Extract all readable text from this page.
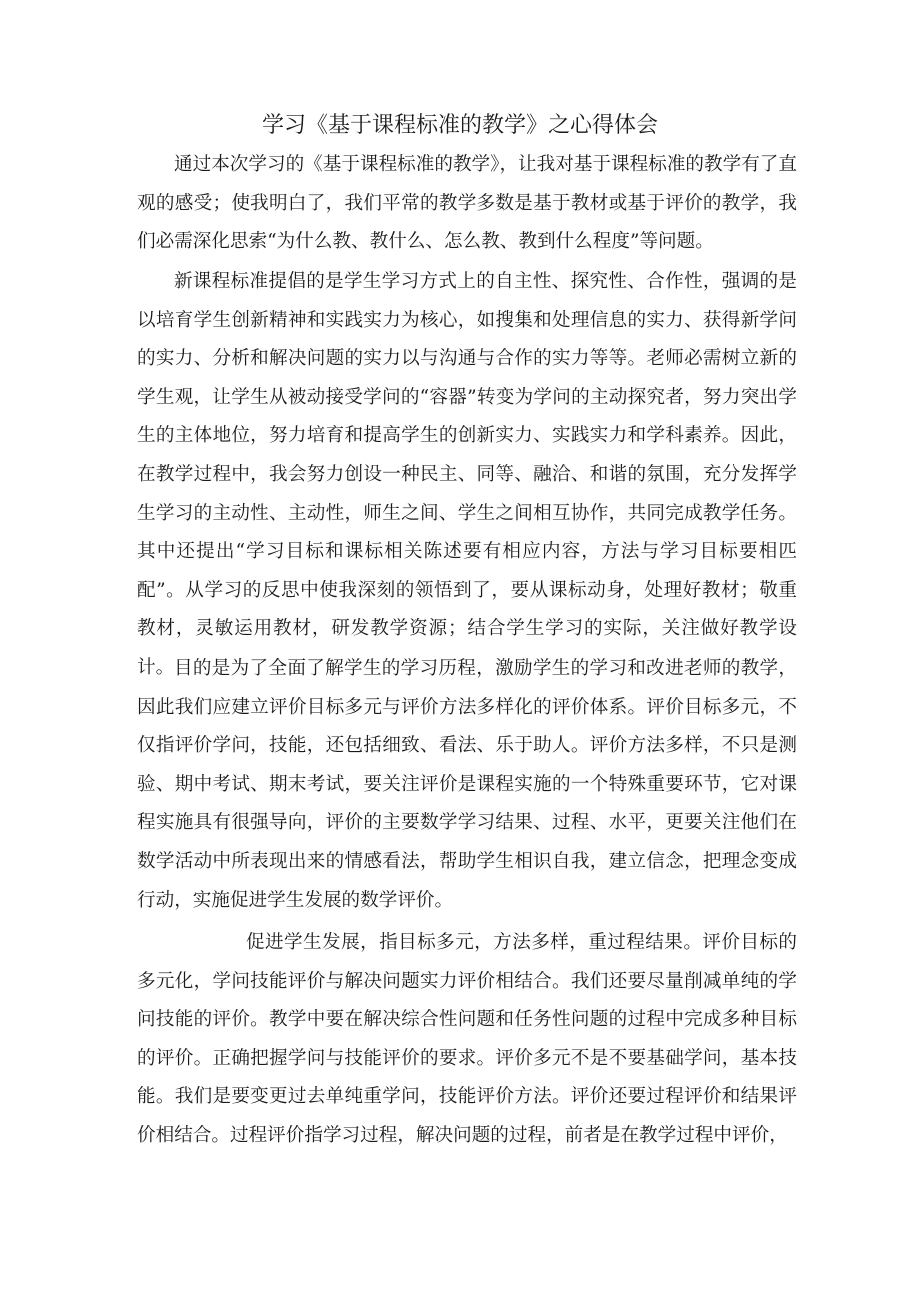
学习《基于课程标准的教学》之心得体会

通过本次学习的《基于课程标准的教学》，让我对基于课程标准的教学有了直观的感受；使我明白了，我们平常的教学多数是基于教材或基于评价的教学，我们必需深化思索“为什么教、教什么、怎么教、教到什么程度”等问题。

新课程标准提倡的是学生学习方式上的自主性、探究性、合作性，强调的是以培育学生创新精神和实践实力为核心，如搜集和处理信息的实力、获得新学问的实力、分析和解决问题的实力以与沟通与合作的实力等等。老师必需树立新的学生观，让学生从被动接受学问的“容器”转变为学问的主动探究者，努力突出学生的主体地位，努力培育和提高学生的创新实力、实践实力和学科素养。因此，在教学过程中，我会努力创设一种民主、同等、融洽、和谐的氛围，充分发挥学生学习的主动性、主动性，师生之间、学生之间相互协作，共同完成教学任务。其中还提出“学习目标和课标相关陈述要有相应内容，方法与学习目标要相匹配”。从学习的反思中使我深刻的领悟到了，要从课标动身，处理好教材；敬重教材，灵敏运用教材，研发教学资源；结合学生学习的实际，关注做好教学设计。 目的是为了全面了解学生的学习历程，激励学生的学习和改进老师的教学，因此我们应建立评价目标多元与评价方法多样化的评价体系。评价目标多元，不仅指评价学问，技能，还包括细致、看法、乐于助人。评价方法多样，不只是测验、期中考试、期末考试，要关注评价是课程实施的一个特殊重要环节，它对课程实施具有很强导向，评价的主要数学学习结果、过程、水平，更要关注他们在数学活动中所表现出来的情感看法，帮助学生相识自我，建立信念，把理念变成行动，实施促进学生发展的数学评价。

促进学生发展，指目标多元，方法多样，重过程结果。评价目标的多元化，学问技能评价与解决问题实力评价相结合。我们还要尽量削减单纯的学问技能的评价。教学中要在解决综合性问题和任务性问题的过程中完成多种目标的评价。正确把握学问与技能评价的要求。评价多元不是不要基础学问，基本技能。我们是要变更过去单纯重学问，技能评价方法。评价还要过程评价和结果评价相结合。过程评价指学习过程，解决问题的过程，前者是在教学过程中评价，
